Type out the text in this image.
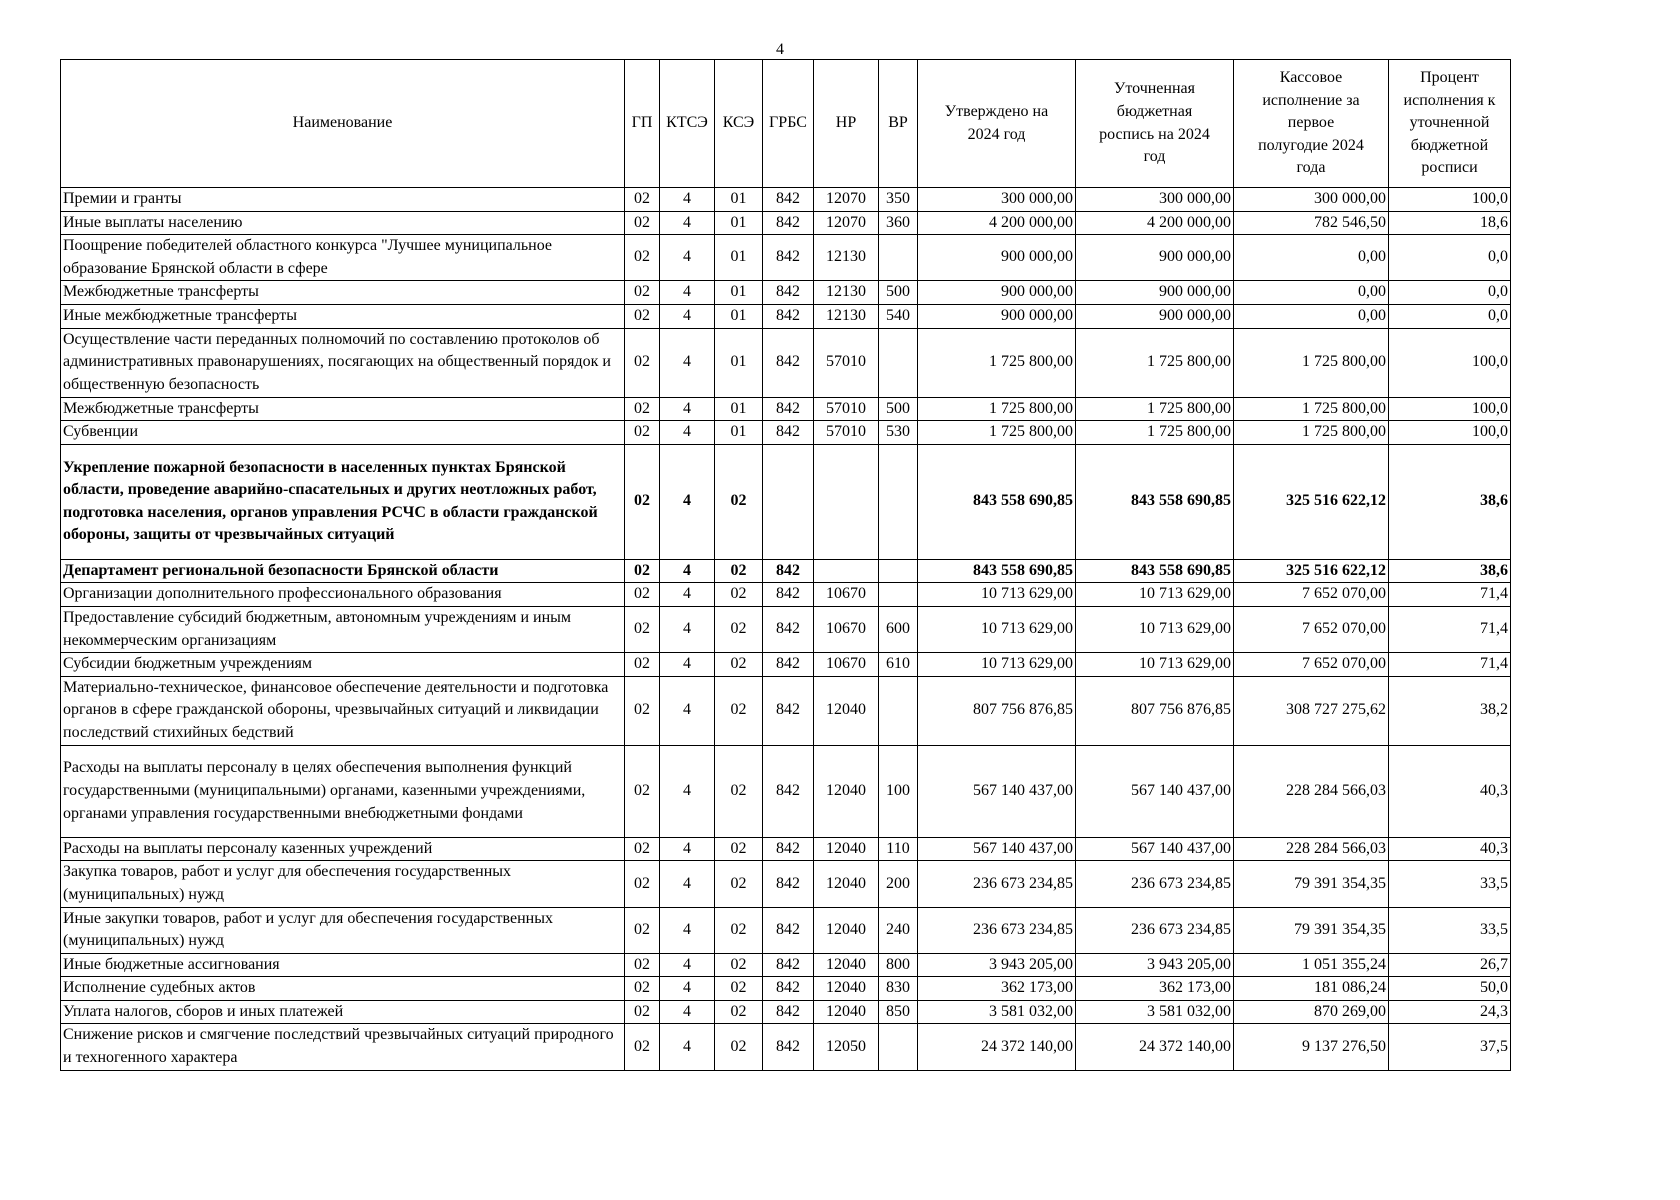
4
Наименование	ГП	КТСЭ	КСЭ	ГРБС	НР	ВР	Утверждено на 2024 год	Уточненная бюджетная роспись на 2024 год	Кассовое исполнение за первое полугодие 2024 года	Процент исполнения к уточненной бюджетной росписи
Премии и гранты	02	4	01	842	12070	350	300 000,00	300 000,00	300 000,00	100,0
Иные выплаты населению	02	4	01	842	12070	360	4 200 000,00	4 200 000,00	782 546,50	18,6
Поощрение победителей областного конкурса "Лучшее муниципальное образование Брянской области в сфере	02	4	01	842	12130		900 000,00	900 000,00	0,00	0,0
Межбюджетные трансферты	02	4	01	842	12130	500	900 000,00	900 000,00	0,00	0,0
Иные межбюджетные трансферты	02	4	01	842	12130	540	900 000,00	900 000,00	0,00	0,0
Осуществление части переданных полномочий по составлению протоколов об административных правонарушениях, посягающих на общественный порядок и общественную безопасность	02	4	01	842	57010		1 725 800,00	1 725 800,00	1 725 800,00	100,0
Межбюджетные трансферты	02	4	01	842	57010	500	1 725 800,00	1 725 800,00	1 725 800,00	100,0
Субвенции	02	4	01	842	57010	530	1 725 800,00	1 725 800,00	1 725 800,00	100,0
Укрепление пожарной безопасности в населенных пунктах Брянской области, проведение аварийно-спасательных и других неотложных работ, подготовка населения, органов управления РСЧС в области гражданской обороны, защиты от чрезвычайных ситуаций	02	4	02				843 558 690,85	843 558 690,85	325 516 622,12	38,6
Департамент региональной безопасности Брянской области	02	4	02	842			843 558 690,85	843 558 690,85	325 516 622,12	38,6
Организации дополнительного профессионального образования	02	4	02	842	10670		10 713 629,00	10 713 629,00	7 652 070,00	71,4
Предоставление субсидий бюджетным, автономным учреждениям и иным некоммерческим организациям	02	4	02	842	10670	600	10 713 629,00	10 713 629,00	7 652 070,00	71,4
Субсидии бюджетным учреждениям	02	4	02	842	10670	610	10 713 629,00	10 713 629,00	7 652 070,00	71,4
Материально-техническое, финансовое обеспечение деятельности и подготовка органов в сфере гражданской обороны, чрезвычайных ситуаций и ликвидации последствий стихийных бедствий	02	4	02	842	12040		807 756 876,85	807 756 876,85	308 727 275,62	38,2
Расходы на выплаты персоналу в целях обеспечения выполнения функций государственными (муниципальными) органами, казенными учреждениями, органами управления государственными внебюджетными фондами	02	4	02	842	12040	100	567 140 437,00	567 140 437,00	228 284 566,03	40,3
Расходы на выплаты персоналу казенных учреждений	02	4	02	842	12040	110	567 140 437,00	567 140 437,00	228 284 566,03	40,3
Закупка товаров, работ и услуг для обеспечения государственных (муниципальных) нужд	02	4	02	842	12040	200	236 673 234,85	236 673 234,85	79 391 354,35	33,5
Иные закупки товаров, работ и услуг для обеспечения государственных (муниципальных) нужд	02	4	02	842	12040	240	236 673 234,85	236 673 234,85	79 391 354,35	33,5
Иные бюджетные ассигнования	02	4	02	842	12040	800	3 943 205,00	3 943 205,00	1 051 355,24	26,7
Исполнение судебных актов	02	4	02	842	12040	830	362 173,00	362 173,00	181 086,24	50,0
Уплата налогов, сборов и иных платежей	02	4	02	842	12040	850	3 581 032,00	3 581 032,00	870 269,00	24,3
Снижение рисков и смягчение последствий чрезвычайных ситуаций природного и техногенного характера	02	4	02	842	12050		24 372 140,00	24 372 140,00	9 137 276,50	37,5
